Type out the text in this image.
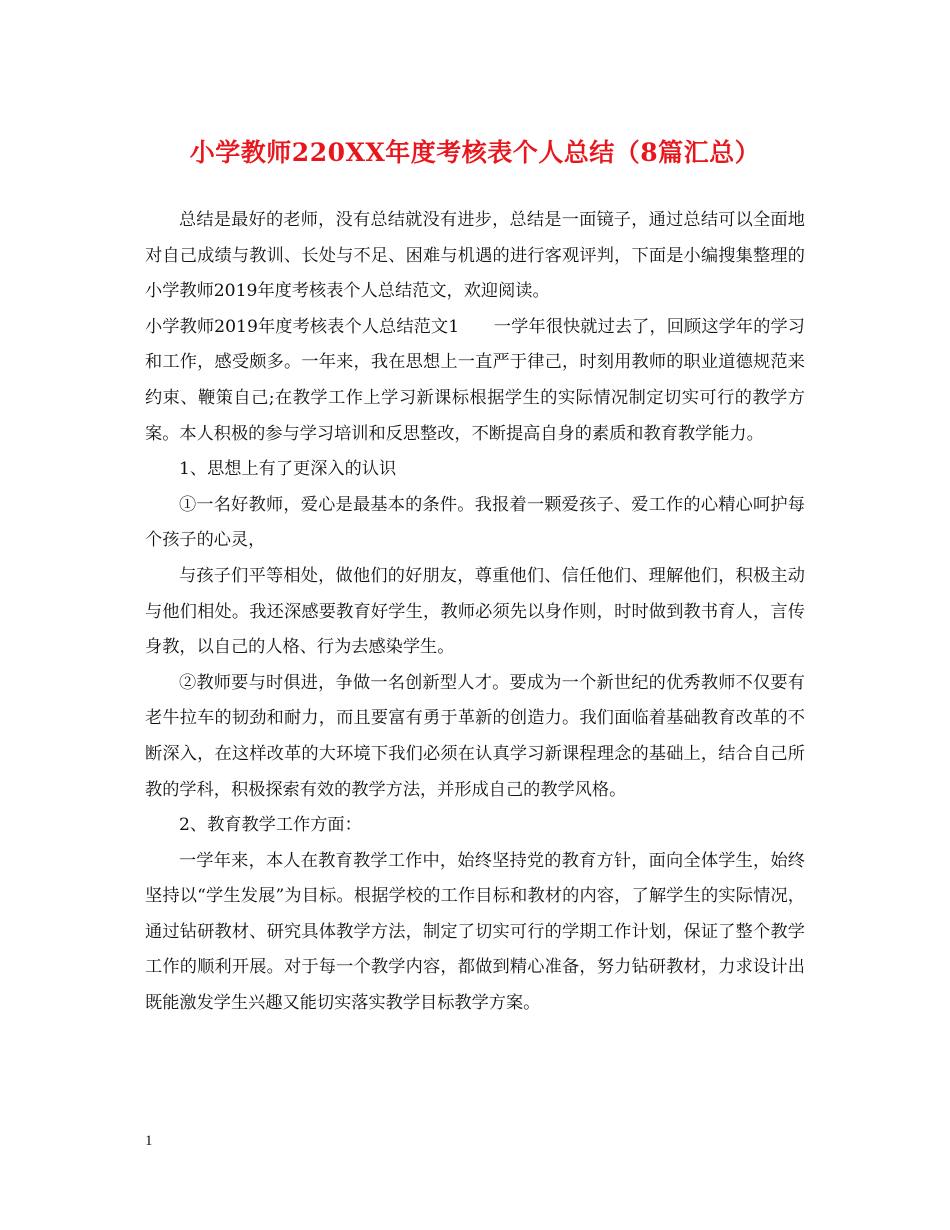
小学教师220XX年度考核表个人总结（8篇汇总）

总结是最好的老师，没有总结就没有进步，总结是一面镜子，通过总结可以全面地对自己成绩与教训、长处与不足、困难与机遇的进行客观评判，下面是小编搜集整理的小学教师2019年度考核表个人总结范文，欢迎阅读。

小学教师2019年度考核表个人总结范文1　　一学年很快就过去了，回顾这学年的学习和工作，感受颇多。一年来，我在思想上一直严于律己，时刻用教师的职业道德规范来约束、鞭策自己;在教学工作上学习新课标根据学生的实际情况制定切实可行的教学方案。本人积极的参与学习培训和反思整改，不断提高自身的素质和教育教学能力。

1、思想上有了更深入的认识

①一名好教师，爱心是最基本的条件。我报着一颗爱孩子、爱工作的心精心呵护每个孩子的心灵，

与孩子们平等相处，做他们的好朋友，尊重他们、信任他们、理解他们，积极主动与他们相处。我还深感要教育好学生，教师必须先以身作则，时时做到教书育人，言传身教，以自己的人格、行为去感染学生。

②教师要与时俱进，争做一名创新型人才。要成为一个新世纪的优秀教师不仅要有老牛拉车的韧劲和耐力，而且要富有勇于革新的创造力。我们面临着基础教育改革的不断深入，在这样改革的大环境下我们必须在认真学习新课程理念的基础上，结合自己所教的学科，积极探索有效的教学方法，并形成自己的教学风格。

2、教育教学工作方面：

一学年来，本人在教育教学工作中，始终坚持党的教育方针，面向全体学生，始终坚持以“学生发展”为目标。根据学校的工作目标和教材的内容，了解学生的实际情况，通过钻研教材、研究具体教学方法，制定了切实可行的学期工作计划，保证了整个教学工作的顺利开展。对于每一个教学内容，都做到精心准备，努力钻研教材，力求设计出既能激发学生兴趣又能切实落实教学目标教学方案。

1
